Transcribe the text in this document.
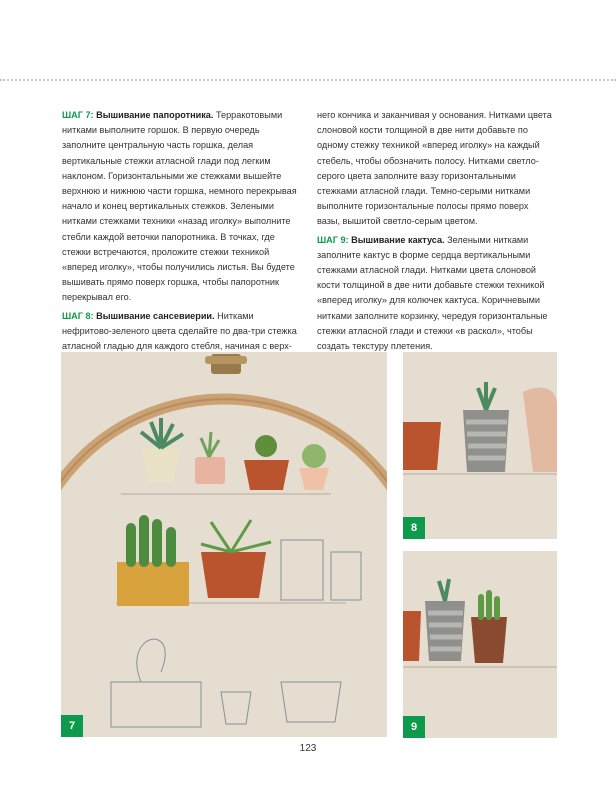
ШАГ 7: Вышивание папоротника. Терракотовыми нитками выполните горшок. В первую очередь заполните центральную часть горшка, делая вертикальные стежки атласной глади под легким наклоном. Горизонтальными же стежками вышейте верхнюю и нижнюю части горшка, немного перекрывая начало и конец вертикальных стежков. Зелеными нитками стежками техники «назад иголку» выполните стебли каждой веточки папоротника. В точках, где стежки встречаются, проложите стежки техникой «вперед иголку», чтобы получились листья. Вы будете вышивать прямо поверх горшка, чтобы папоротник перекрывал его.

ШАГ 8: Вышивание сансевиерии. Нитками нефритово-зеленого цвета сделайте по два-три стежка атласной гладью для каждого стебля, начиная с верх-

него кончика и заканчивая у основания. Нитками цвета слоновой кости толщиной в две нити добавьте по одному стежку техникой «вперед иголку» на каждый стебель, чтобы обозначить полосу. Нитками светло-серого цвета заполните вазу горизонтальными стежками атласной глади. Темно-серыми нитками выполните горизонтальные полосы прямо поверх вазы, вышитой светло-серым цветом.

ШАГ 9: Вышивание кактуса. Зелеными нитками заполните кактус в форме сердца вертикальными стежками атласной глади. Нитками цвета слоновой кости толщиной в две нити добавьте стежки техникой «вперед иголку» для колючек кактуса. Коричневыми нитками заполните корзинку, чередуя горизонтальные стежки атласной глади и стежки «в раскол», чтобы создать текстуру плетения.

7
8
9
123
